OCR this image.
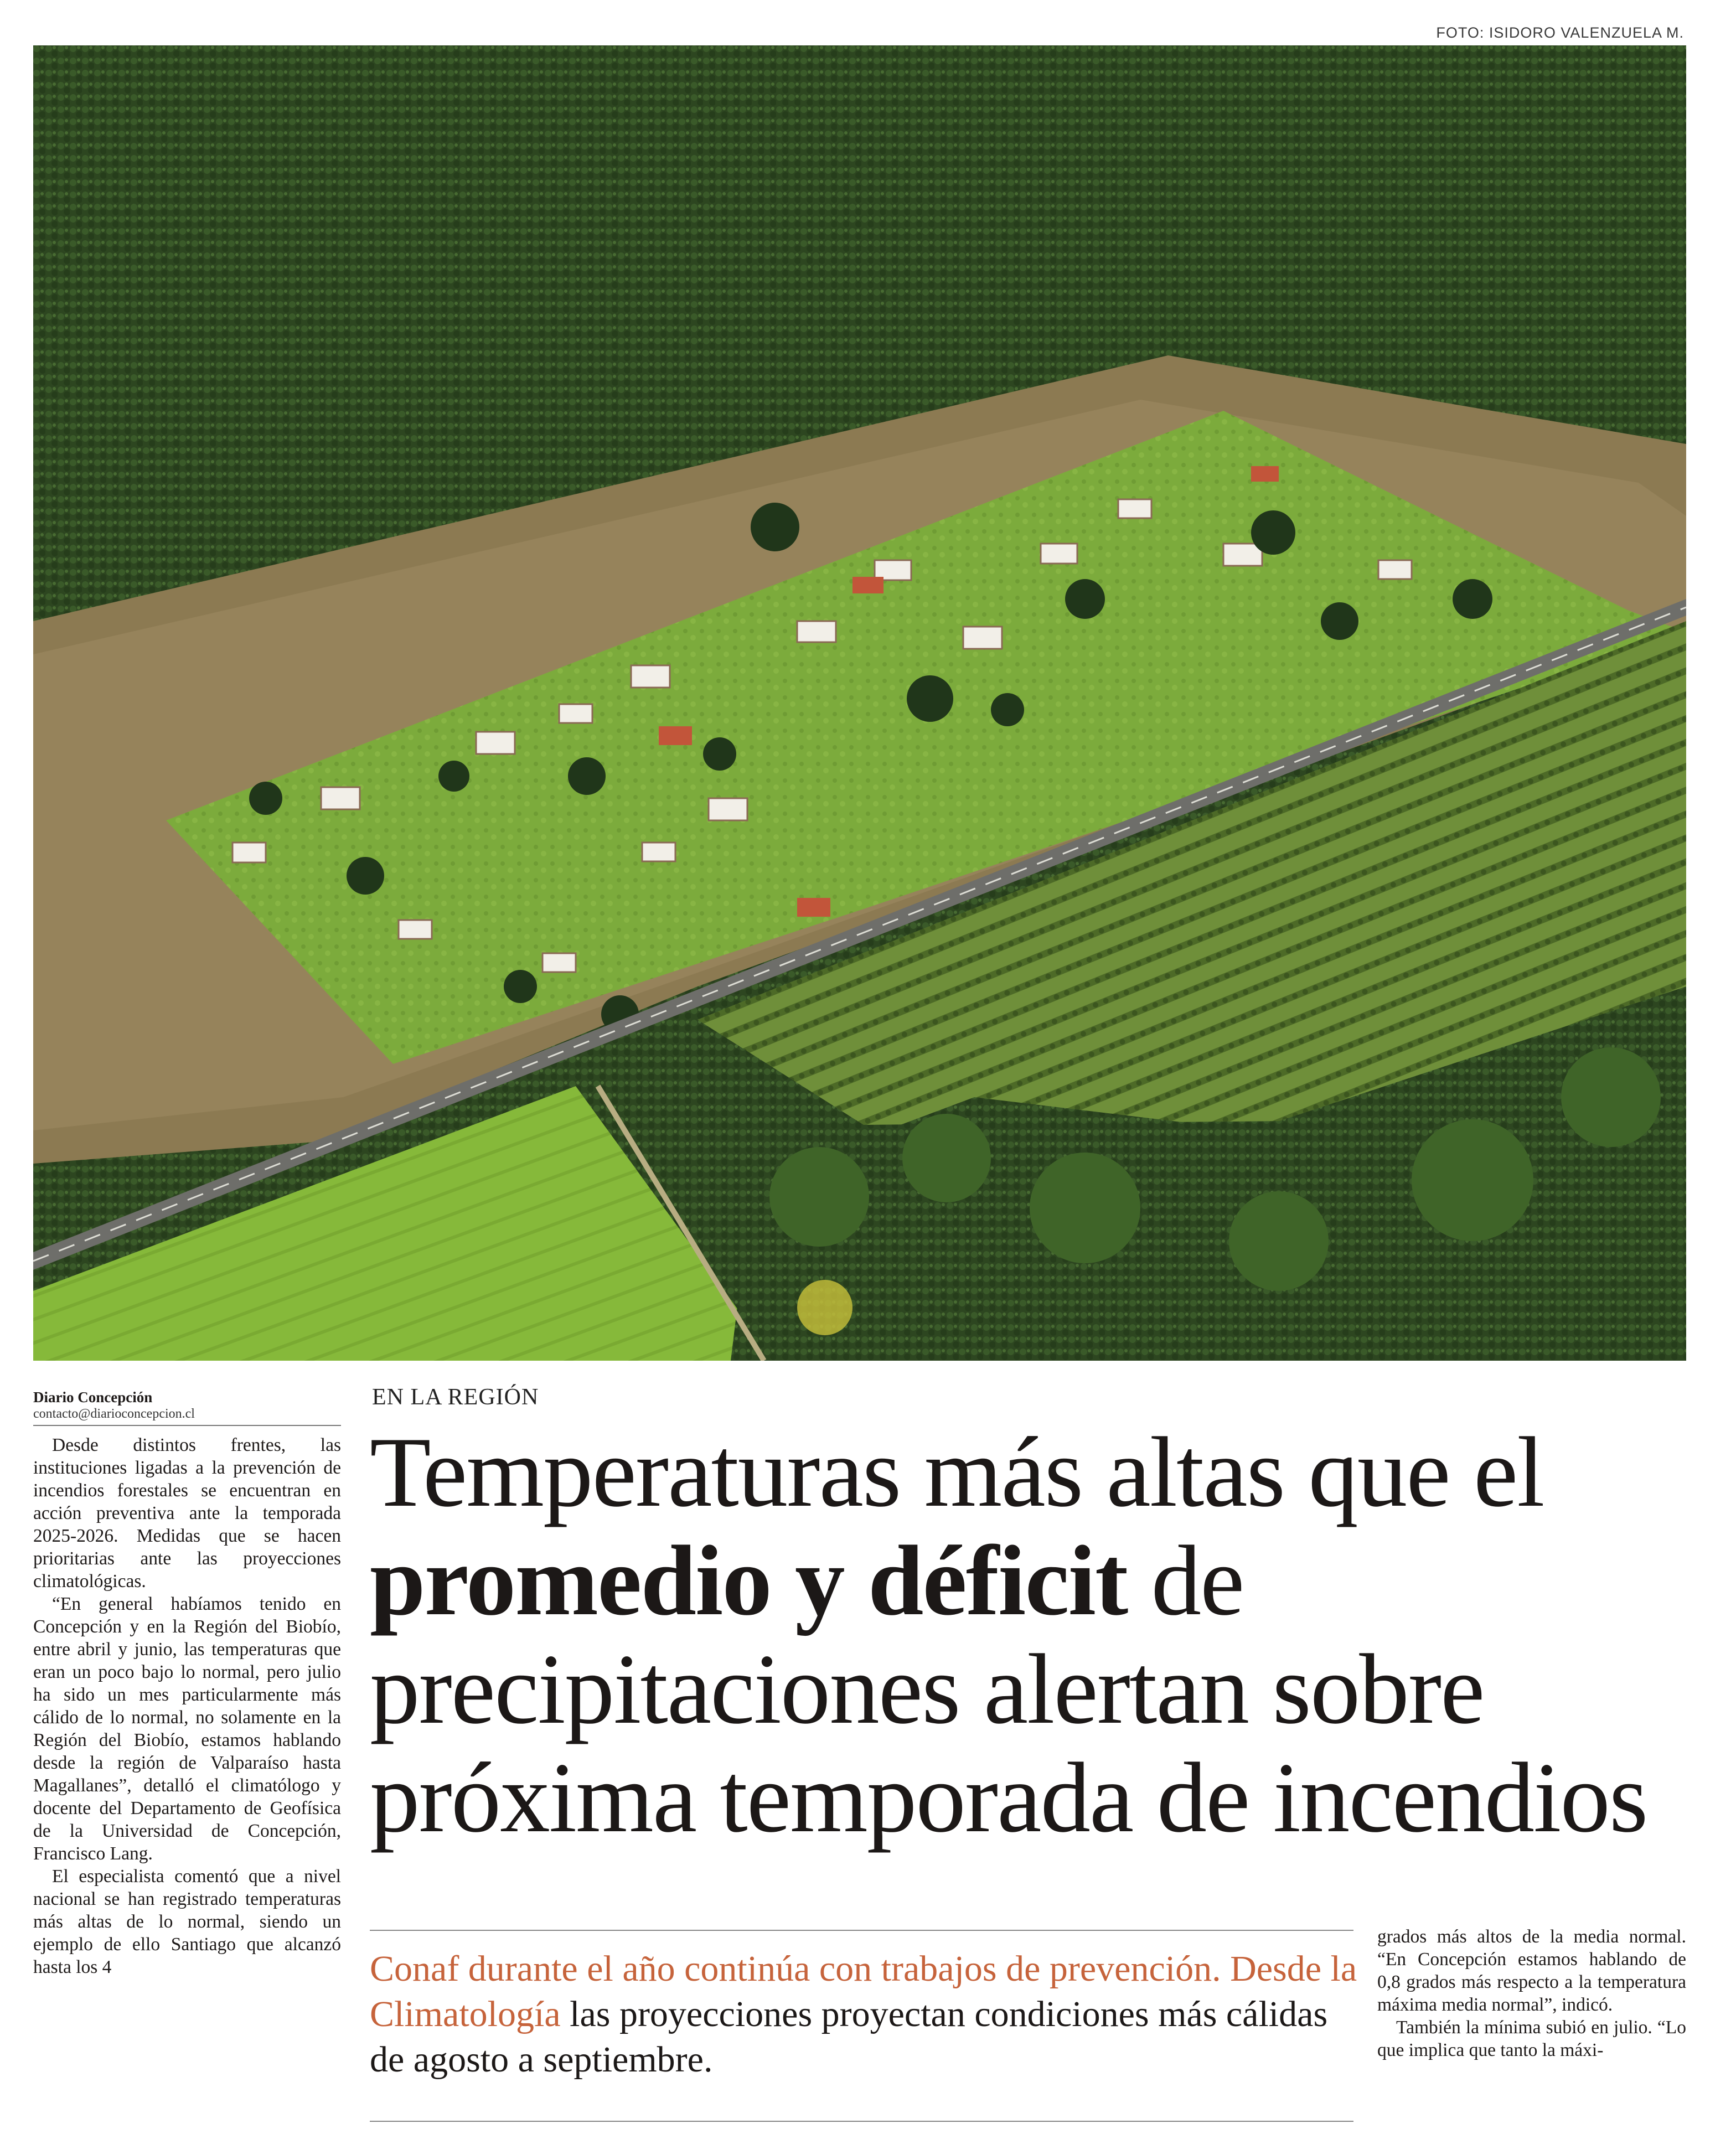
FOTO: ISIDORO VALENZUELA M.
Diario Concepción
contacto@diarioconcepcion.cl

Desde distintos frentes, las instituciones ligadas a la prevención de incendios forestales se encuentran en acción preventiva ante la temporada 2025-2026. Medidas que se hacen prioritarias ante las proyecciones climatológicas.

“En general habíamos tenido en Concepción y en la Región del Biobío, entre abril y junio, las temperaturas que eran un poco bajo lo normal, pero julio ha sido un mes particularmente más cálido de lo normal, no solamente en la Región del Biobío, estamos hablando desde la región de Valparaíso hasta Magallanes”, detalló el climatólogo y docente del Departamento de Geofísica de la Universidad de Concepción, Francisco Lang.

El especialista comentó que a nivel nacional se han registrado temperaturas más altas de lo normal, siendo un ejemplo de ello Santiago que alcanzó hasta los 4

EN LA REGIÓN
Temperaturas más altas que el promedio y déficit de precipitaciones alertan sobre próxima temporada de incendios
Conaf durante el año continúa con trabajos de prevención. Desde la Climatología las proyecciones proyectan condiciones más cálidas de agosto a septiembre.

grados más altos de la media normal. “En Concepción estamos hablando de 0,8 grados más respecto a la temperatura máxima media normal”, indicó.

También la mínima subió en julio. “Lo que implica que tanto la máxi-
